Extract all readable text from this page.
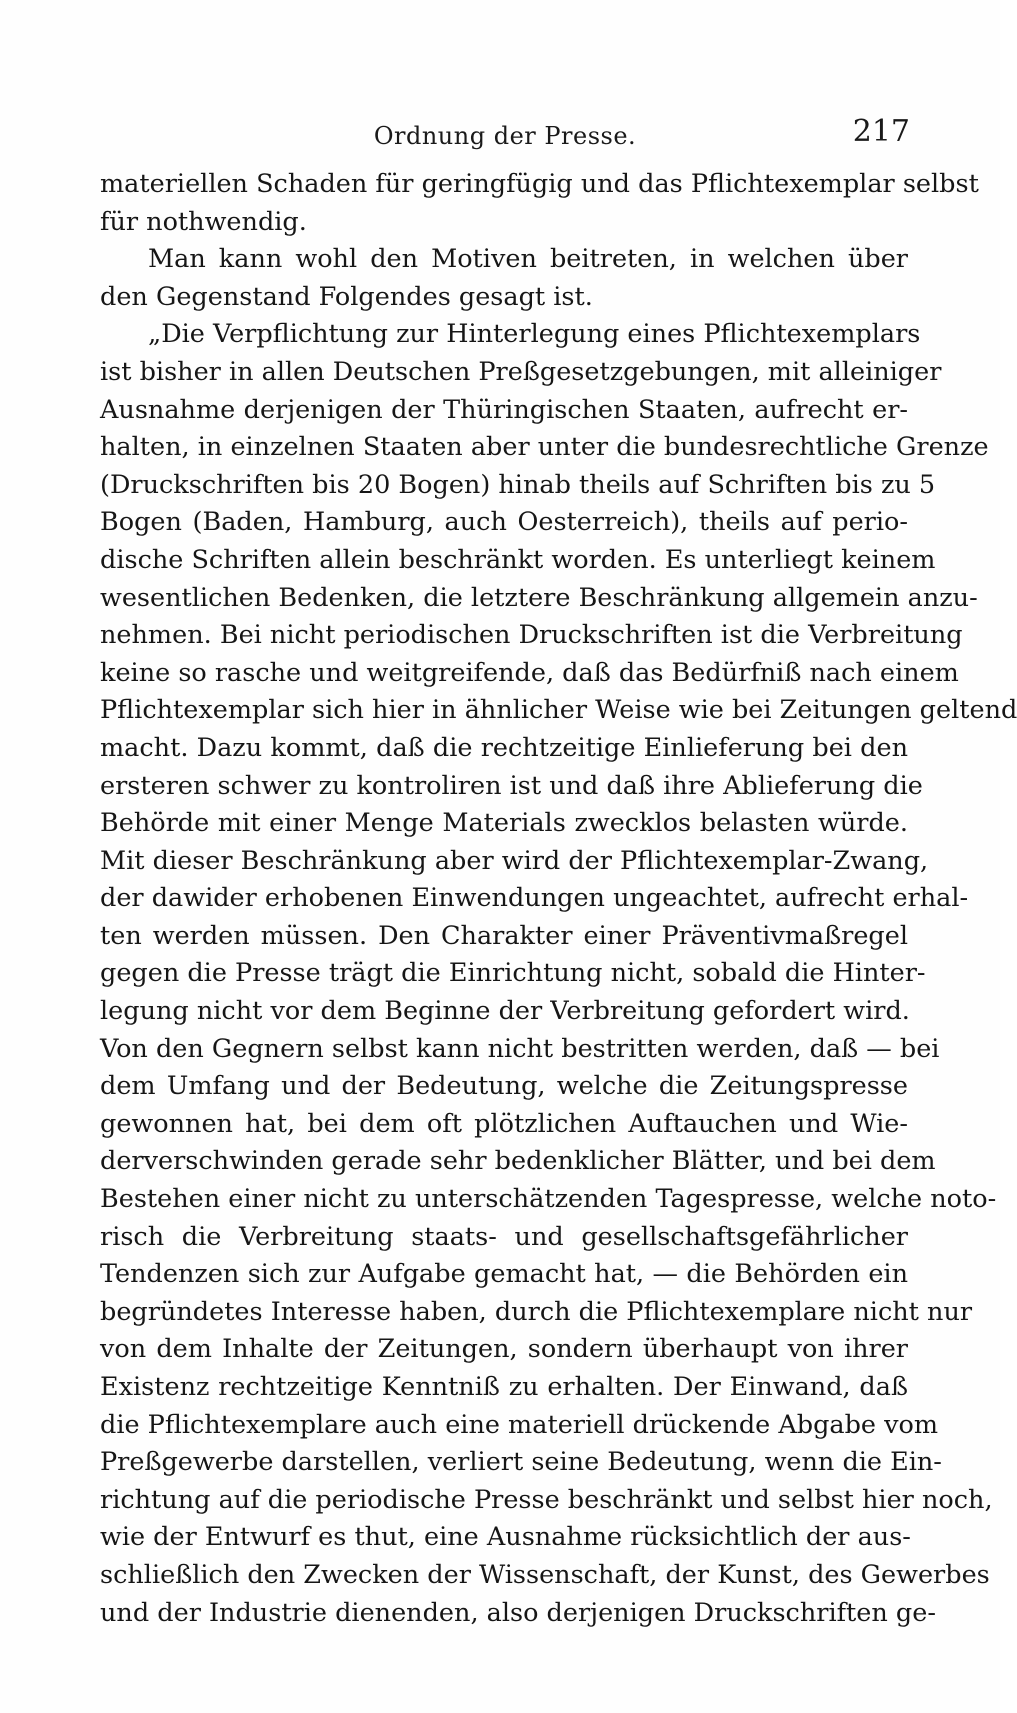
Ordnung der Presse.	217
materiellen Schaden für geringfügig und das Pflichtexemplar selbst
für nothwendig.
Man kann wohl den Motiven beitreten, in welchen über
den Gegenstand Folgendes gesagt ist.
„Die Verpflichtung zur Hinterlegung eines Pflichtexemplars
ist bisher in allen Deutschen Preßgesetzgebungen, mit alleiniger
Ausnahme derjenigen der Thüringischen Staaten, aufrecht er-
halten, in einzelnen Staaten aber unter die bundesrechtliche Grenze
(Druckschriften bis 20 Bogen) hinab theils auf Schriften bis zu 5
Bogen (Baden, Hamburg, auch Oesterreich), theils auf perio-
dische Schriften allein beschränkt worden. Es unterliegt keinem
wesentlichen Bedenken, die letztere Beschränkung allgemein anzu-
nehmen. Bei nicht periodischen Druckschriften ist die Verbreitung
keine so rasche und weitgreifende, daß das Bedürfniß nach einem
Pflichtexemplar sich hier in ähnlicher Weise wie bei Zeitungen geltend
macht. Dazu kommt, daß die rechtzeitige Einlieferung bei den
ersteren schwer zu kontroliren ist und daß ihre Ablieferung die
Behörde mit einer Menge Materials zwecklos belasten würde.
Mit dieser Beschränkung aber wird der Pflichtexemplar-Zwang,
der dawider erhobenen Einwendungen ungeachtet, aufrecht erhal-
ten werden müssen. Den Charakter einer Präventivmaßregel
gegen die Presse trägt die Einrichtung nicht, sobald die Hinter-
legung nicht vor dem Beginne der Verbreitung gefordert wird.
Von den Gegnern selbst kann nicht bestritten werden, daß — bei
dem Umfang und der Bedeutung, welche die Zeitungspresse
gewonnen hat, bei dem oft plötzlichen Auftauchen und Wie-
derverschwinden gerade sehr bedenklicher Blätter, und bei dem
Bestehen einer nicht zu unterschätzenden Tagespresse, welche noto-
risch die Verbreitung staats- und gesellschaftsgefährlicher
Tendenzen sich zur Aufgabe gemacht hat, — die Behörden ein
begründetes Interesse haben, durch die Pflichtexemplare nicht nur
von dem Inhalte der Zeitungen, sondern überhaupt von ihrer
Existenz rechtzeitige Kenntniß zu erhalten. Der Einwand, daß
die Pflichtexemplare auch eine materiell drückende Abgabe vom
Preßgewerbe darstellen, verliert seine Bedeutung, wenn die Ein-
richtung auf die periodische Presse beschränkt und selbst hier noch,
wie der Entwurf es thut, eine Ausnahme rücksichtlich der aus-
schließlich den Zwecken der Wissenschaft, der Kunst, des Gewerbes
und der Industrie dienenden, also derjenigen Druckschriften ge-
